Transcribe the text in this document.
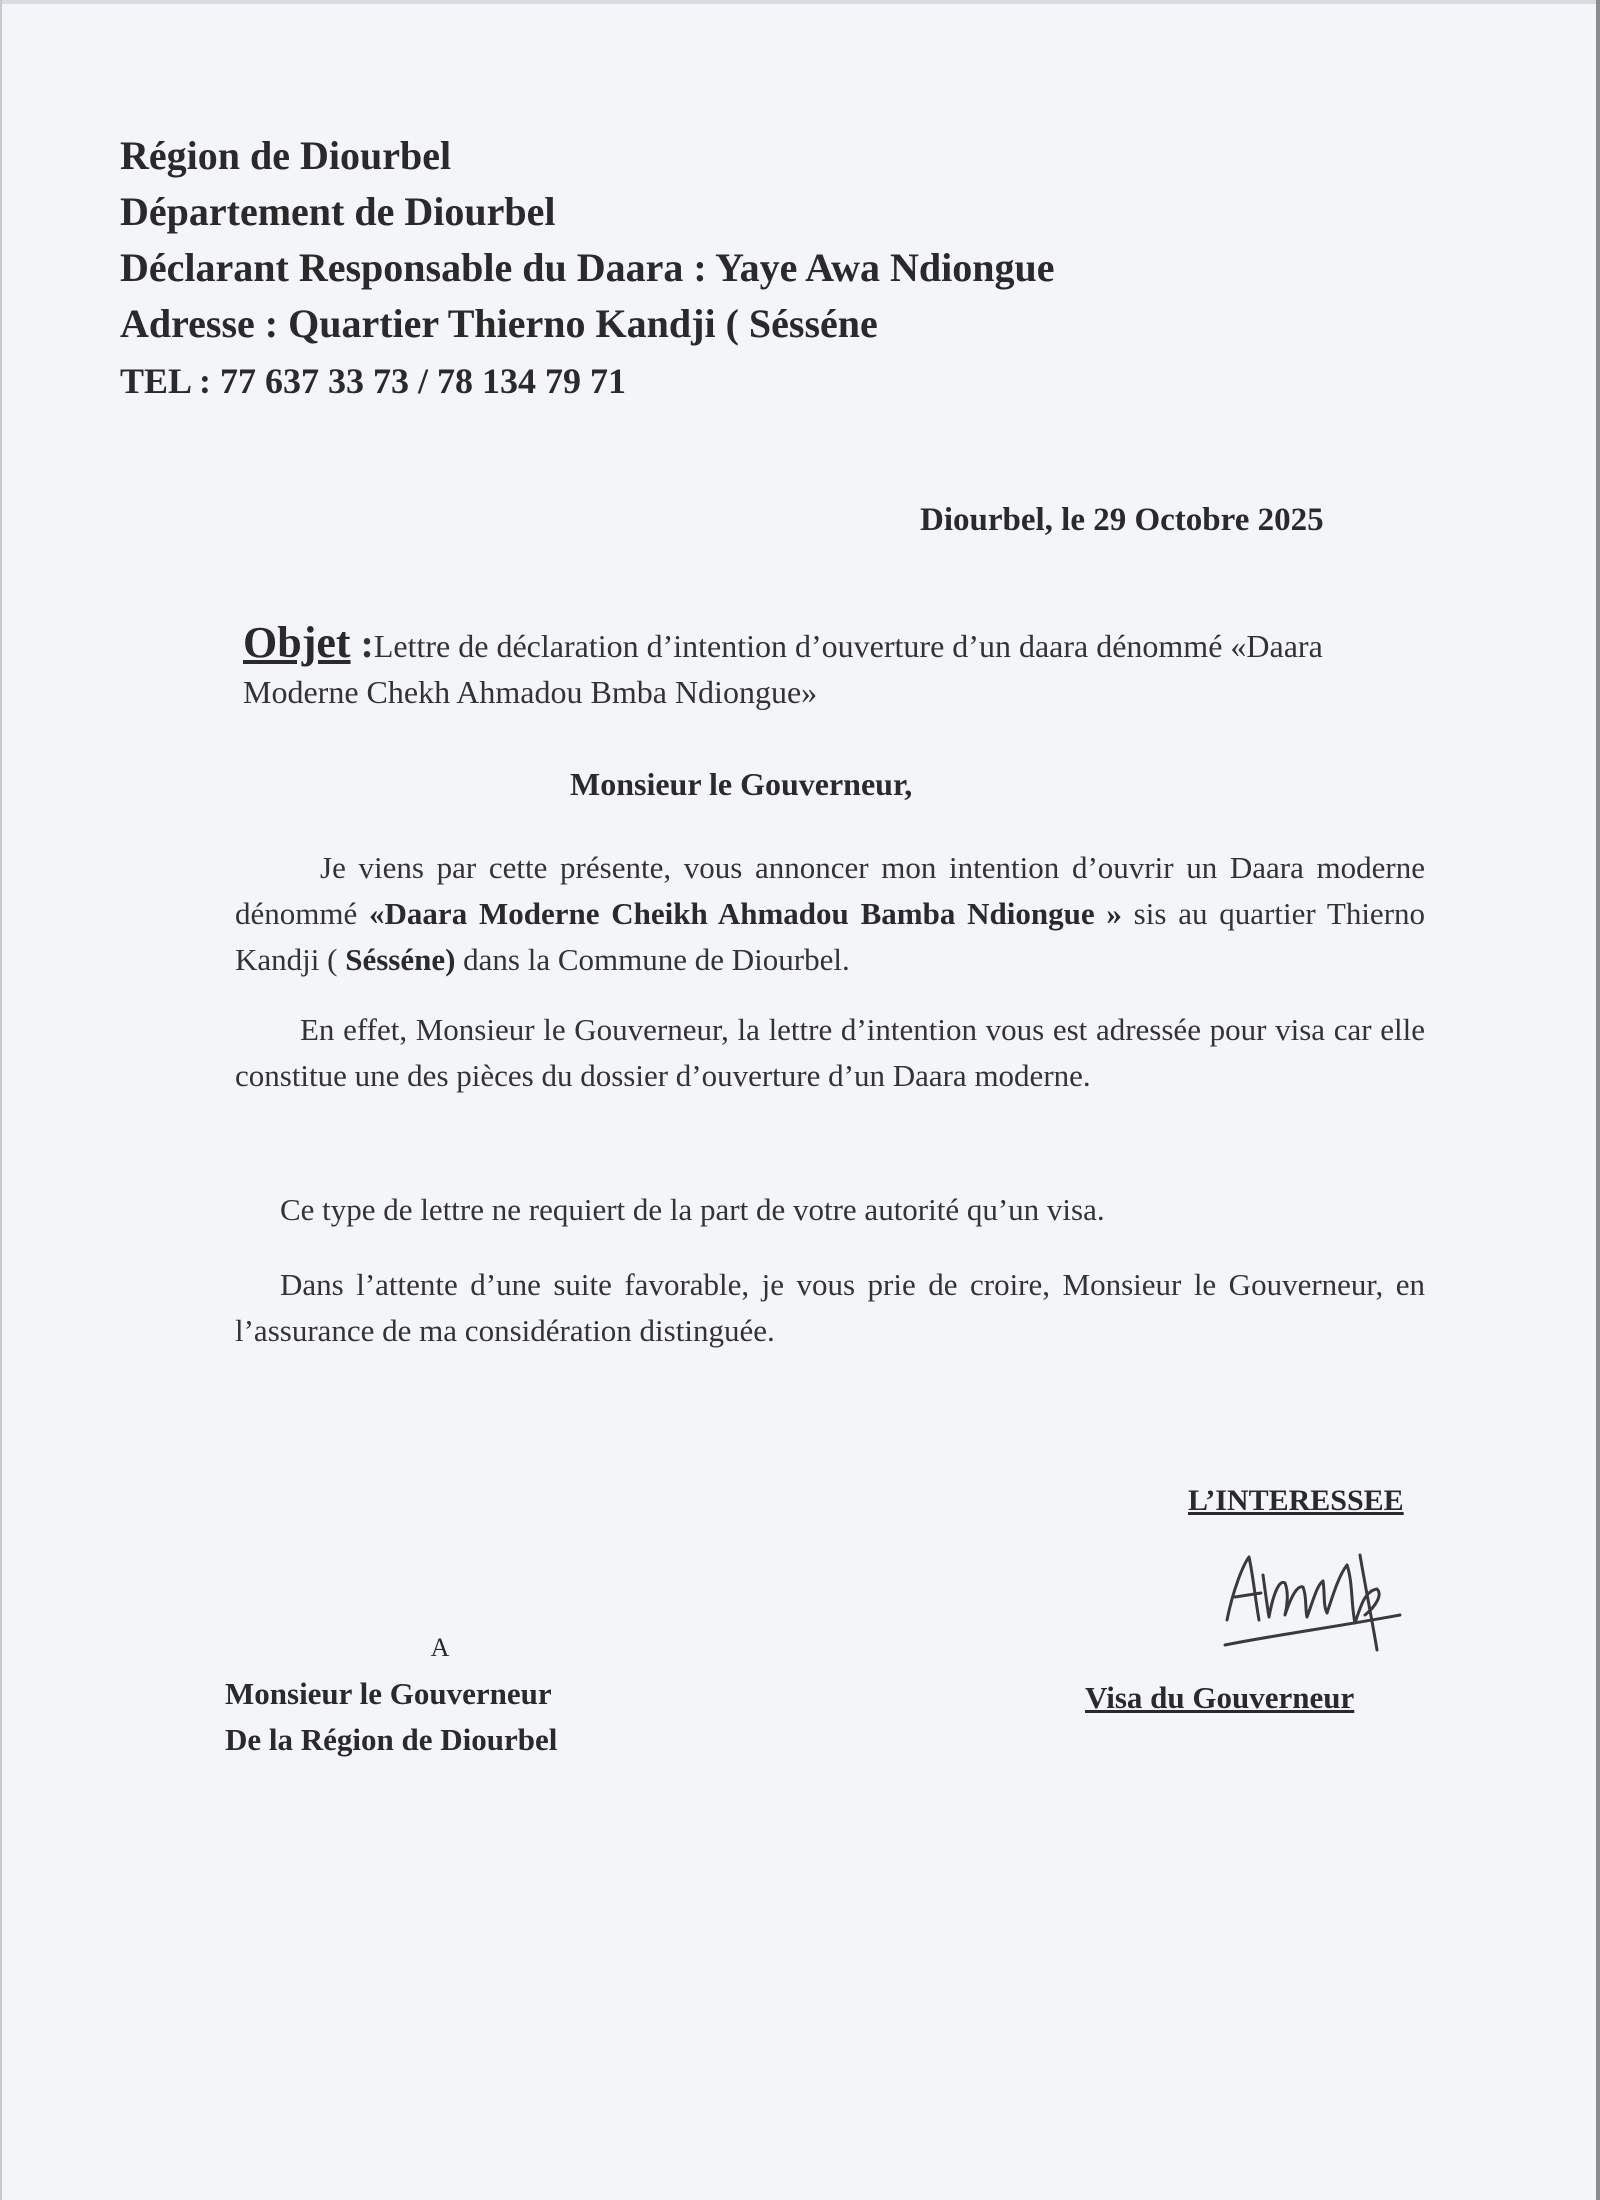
Région de Diourbel
Département de Diourbel
Déclarant Responsable du Daara : Yaye Awa Ndiongue
Adresse : Quartier Thierno Kandji ( Sésséne
TEL : 77 637 33 73 / 78 134 79 71
Diourbel, le 29 Octobre 2025
Objet :Lettre de déclaration d’intention d’ouverture d’un daara dénommé «Daara Moderne Chekh Ahmadou Bmba Ndiongue»
Monsieur le Gouverneur,
Je viens par cette présente, vous annoncer mon intention d’ouvrir un Daara moderne dénommé «Daara Moderne Cheikh Ahmadou Bamba Ndiongue » sis au quartier Thierno Kandji ( Sésséne) dans la Commune de Diourbel.
En effet, Monsieur le Gouverneur, la lettre d’intention vous est adressée pour visa car elle constitue une des pièces du dossier d’ouverture d’un Daara moderne.
Ce type de lettre ne requiert de la part de votre autorité qu’un visa.
Dans l’attente d’une suite favorable, je vous prie de croire, Monsieur le Gouverneur, en l’assurance de ma considération distinguée.
L’INTERESSEE
A
Monsieur le Gouverneur
De la Région de Diourbel
Visa du Gouverneur
